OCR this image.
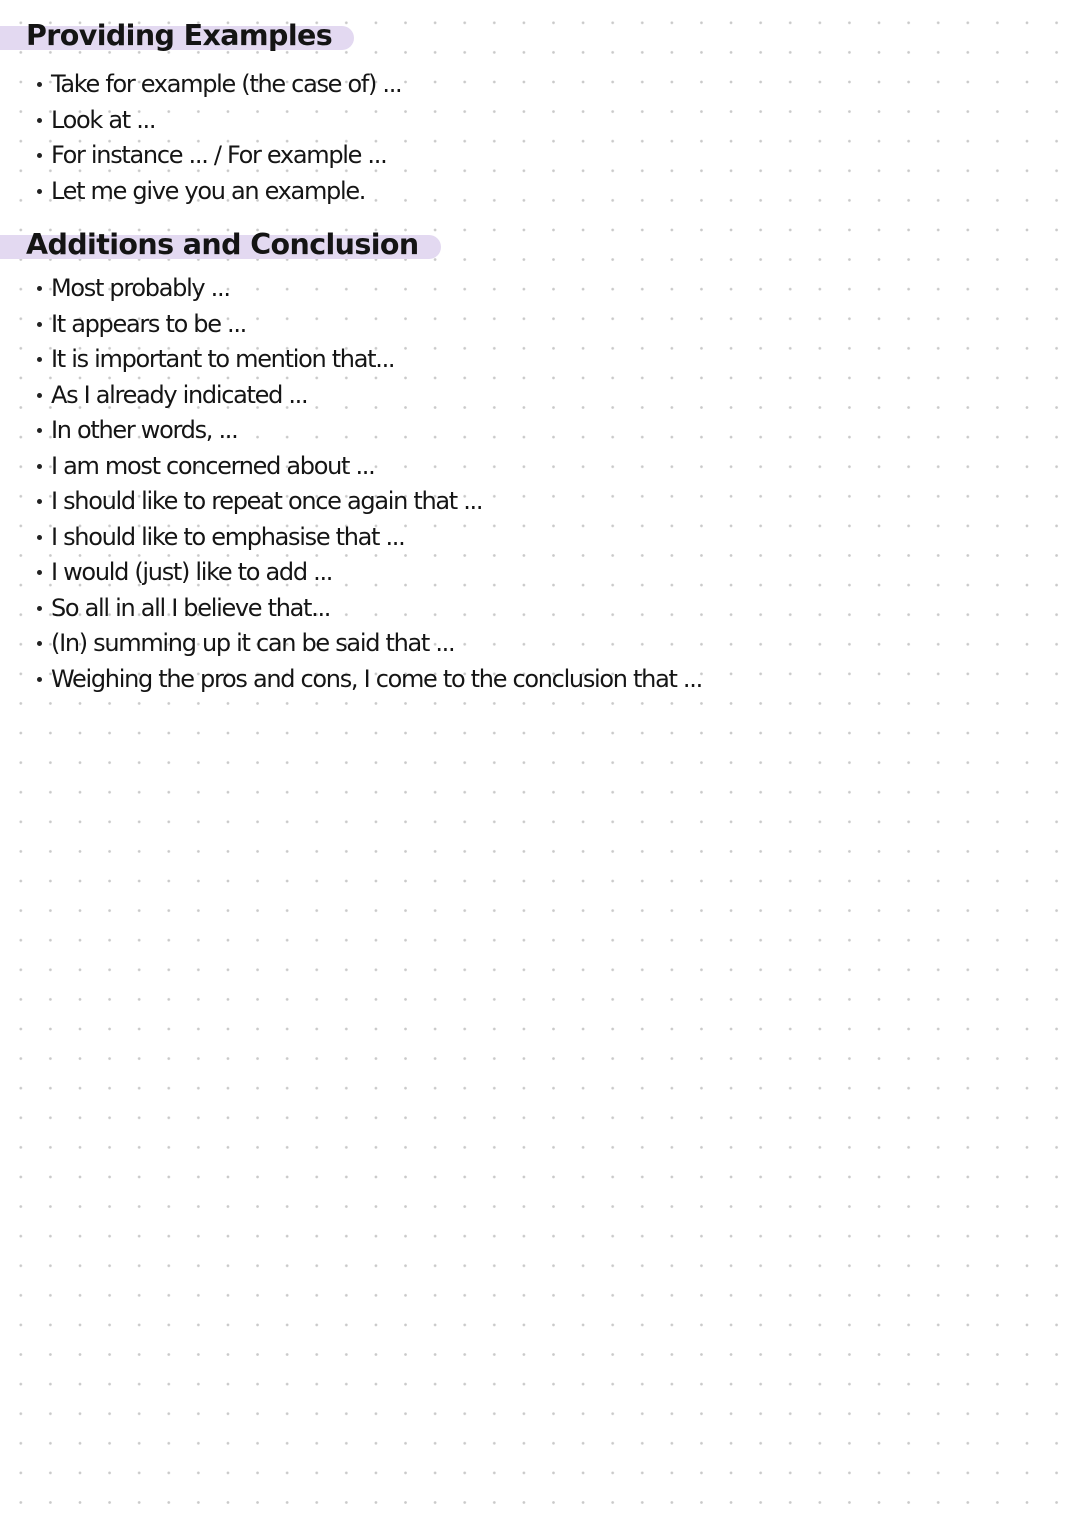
Providing Examples
Take for example (the case of) ...
Look at ...
For instance ... / For example ...
Let me give you an example.
Additions and Conclusion
Most probably ...
It appears to be ...
It is important to mention that...
As I already indicated ...
In other words, ...
I am most concerned about ...
I should like to repeat once again that ...
I should like to emphasise that ...
I would (just) like to add ...
So all in all I believe that...
(In) summing up it can be said that ...
Weighing the pros and cons, I come to the conclusion that ...
